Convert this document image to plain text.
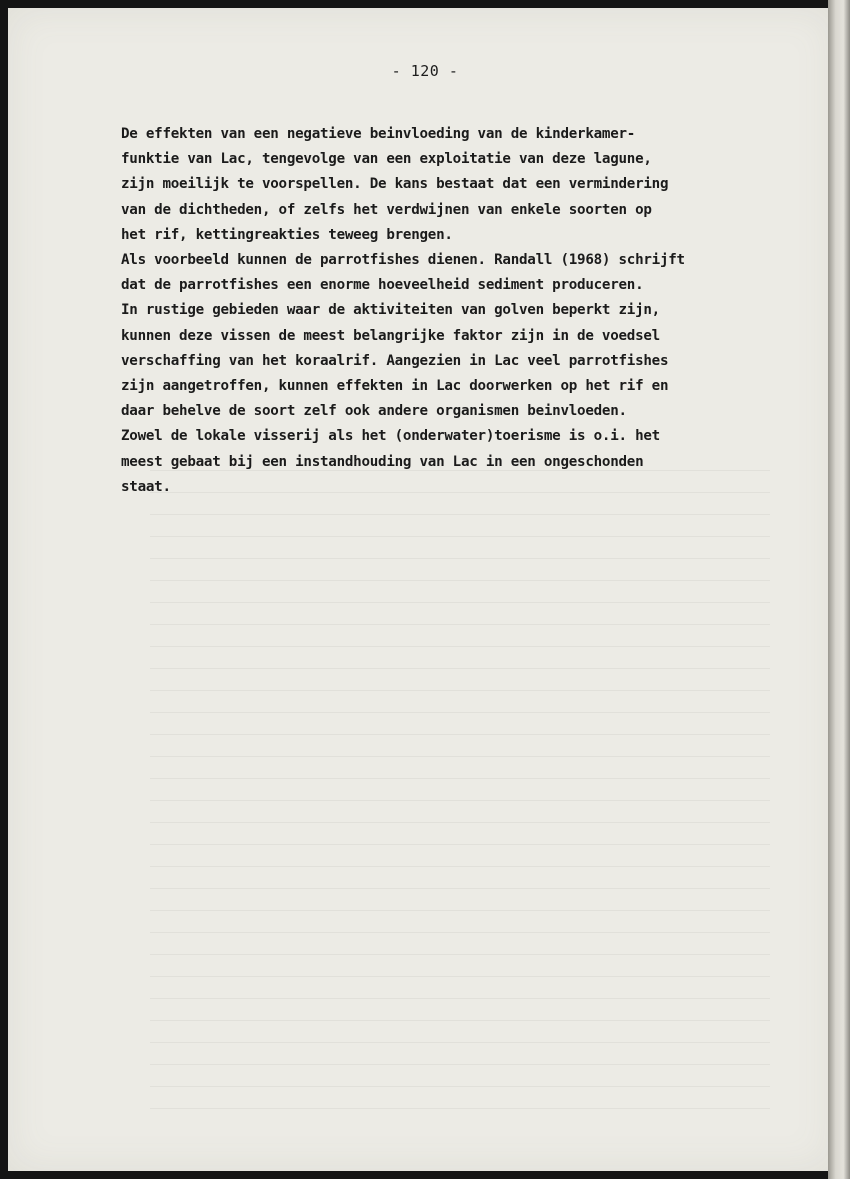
- 120 -
De effekten van een negatieve beinvloeding van de kinderkamer-
funktie van Lac, tengevolge van een exploitatie van deze lagune,
zijn moeilijk te voorspellen. De kans bestaat dat een vermindering
van de dichtheden, of zelfs het verdwijnen van enkele soorten op
het rif, kettingreakties teweeg brengen.
Als voorbeeld kunnen de parrotfishes dienen. Randall (1968) schrijft
dat de parrotfishes een enorme hoeveelheid sediment produceren.
In rustige gebieden waar de aktiviteiten van golven beperkt zijn,
kunnen deze vissen de meest belangrijke faktor zijn in de voedsel
verschaffing van het koraalrif. Aangezien in Lac veel parrotfishes
zijn aangetroffen, kunnen effekten in Lac doorwerken op het rif en
daar behelve de soort zelf ook andere organismen beinvloeden.
Zowel de lokale visserij als het (onderwater)toerisme is o.i. het
meest gebaat bij een instandhouding van Lac in een ongeschonden
staat.
